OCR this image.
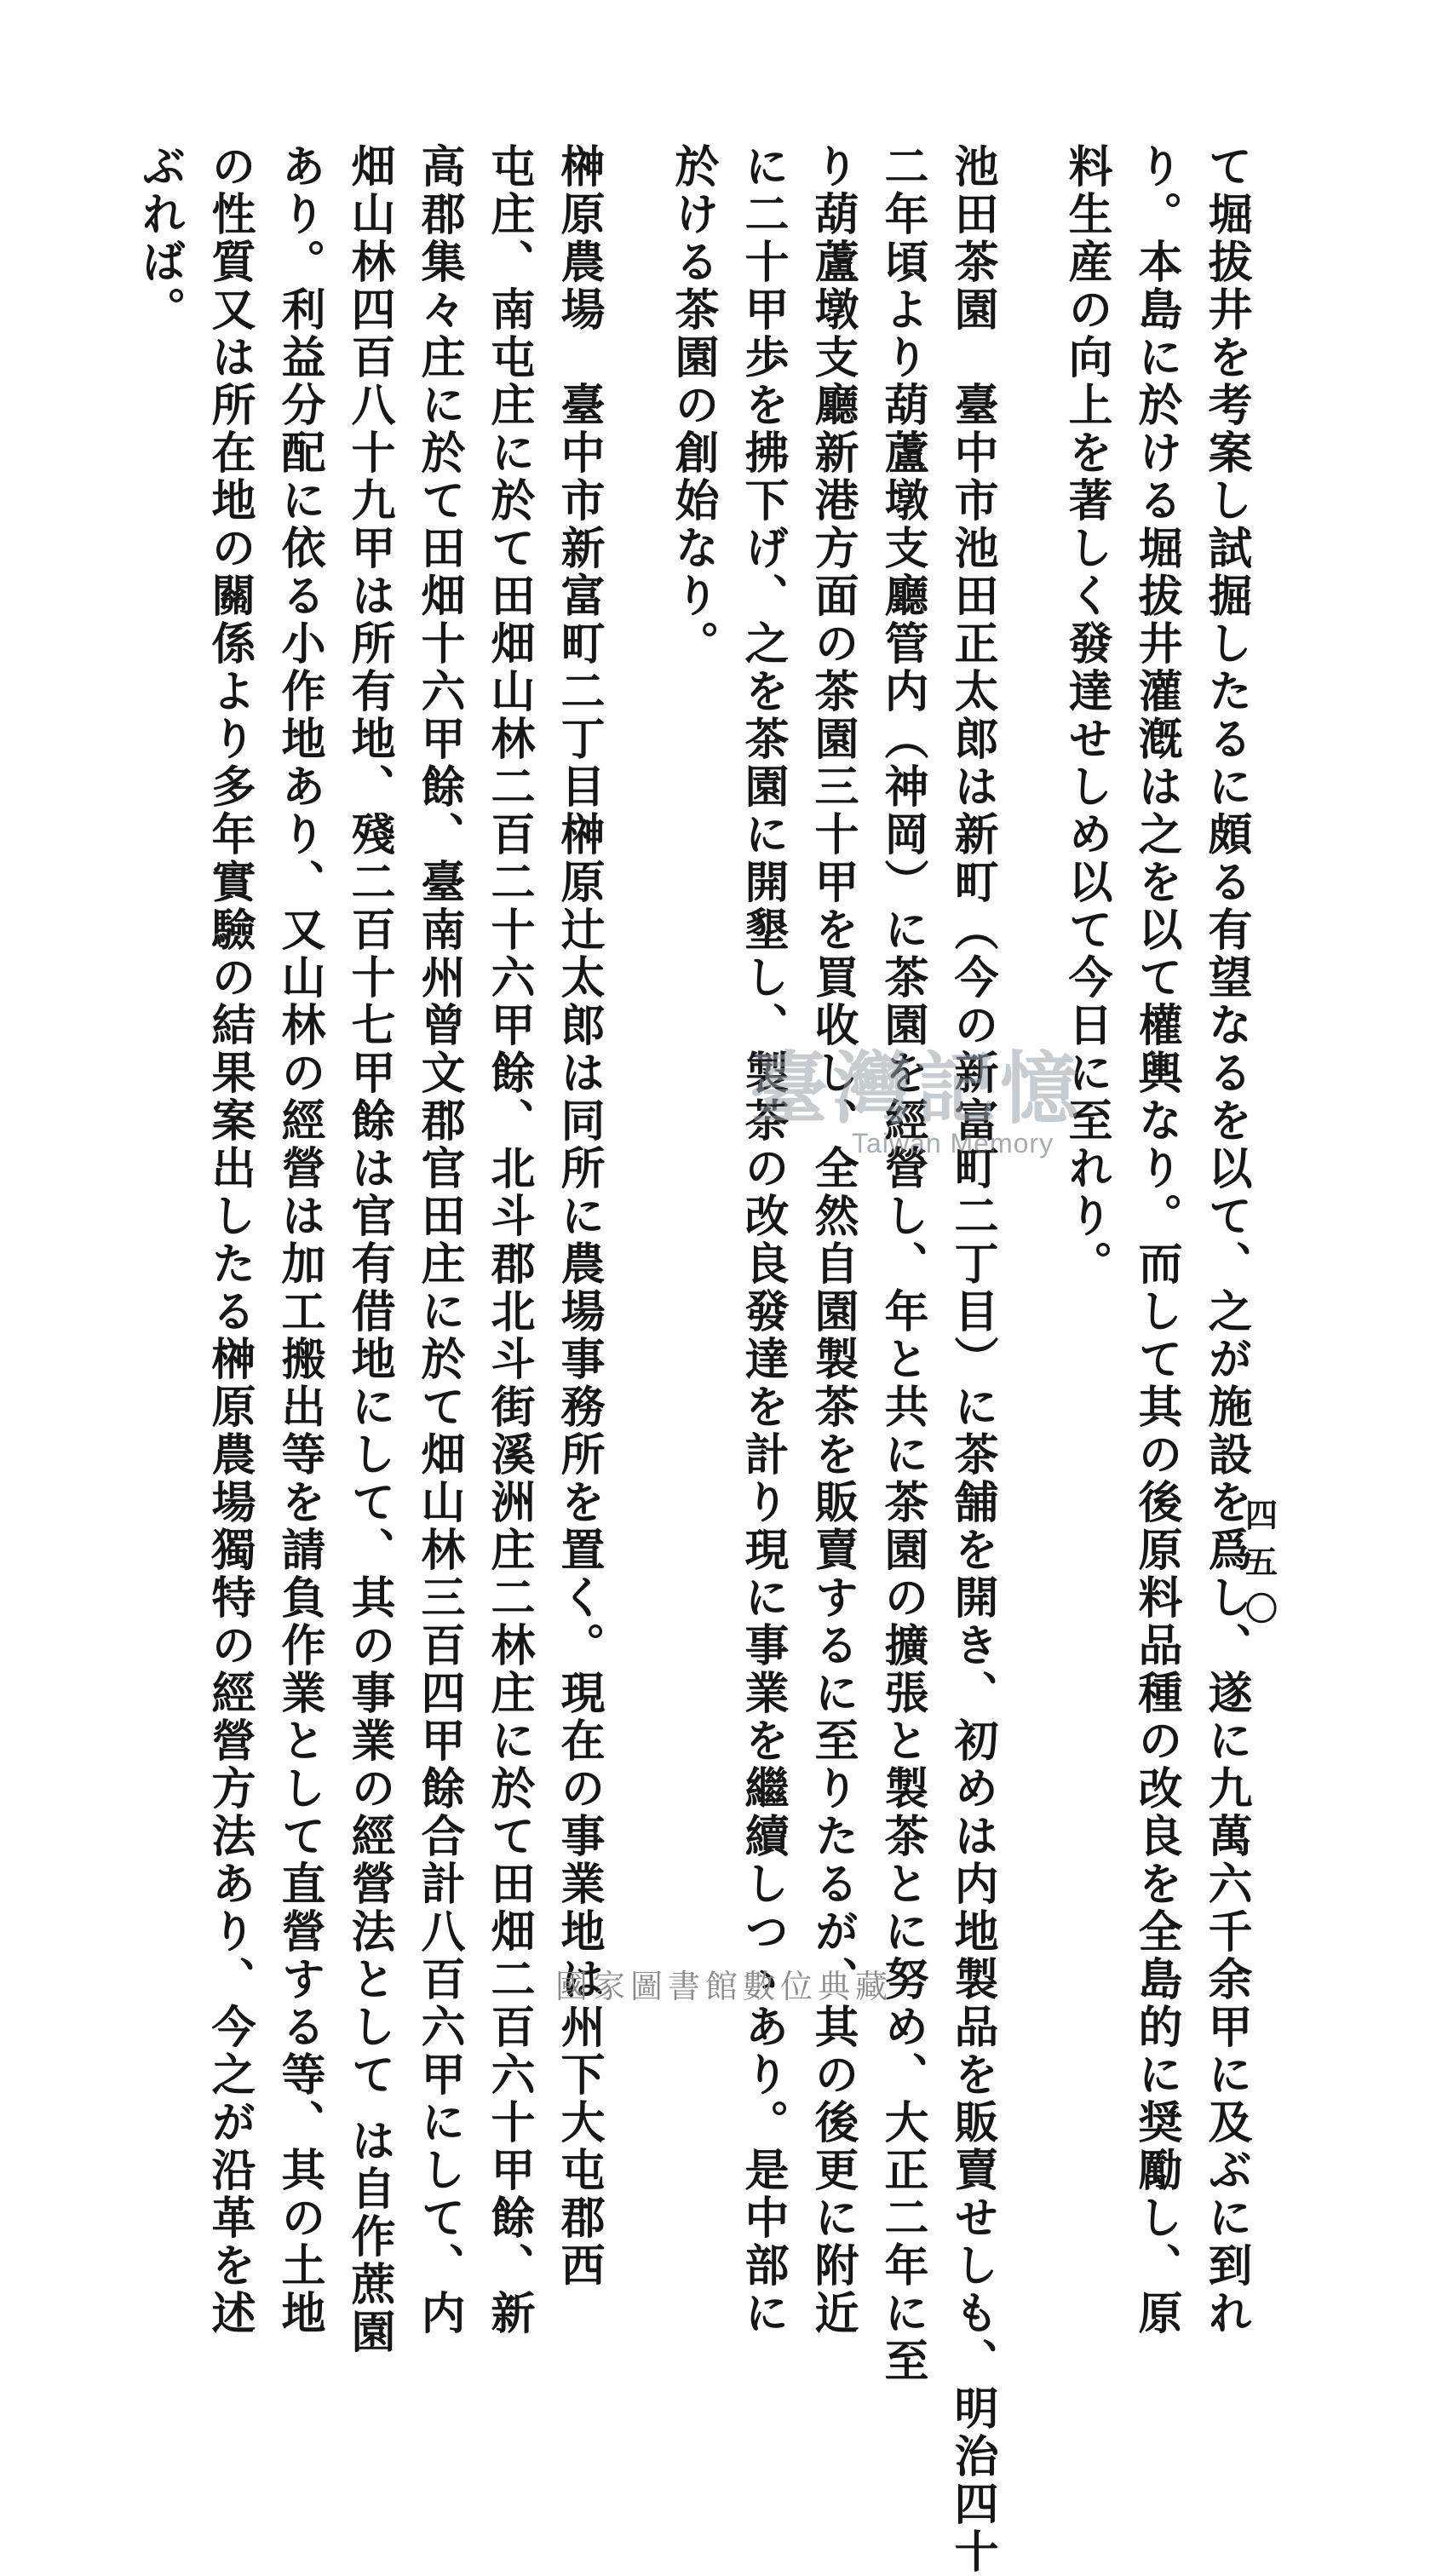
四五〇
て堀拔井を考案し試掘したるに頗る有望なるを以て、之が施設を爲し、遂に九萬六千余甲に及ぶに到れ
り。本島に於ける堀拔井灌漑は之を以て權輿なり。而して其の後原料品種の改良を全島的に奨勵し、原
料生産の向上を著しく發達せしめ以て今日に至れり。
池田茶園　臺中市池田正太郎は新町（今の新富町二丁目）に茶舗を開き、初めは内地製品を販賣せしも、明治四十
二年頃より葫蘆墩支廳管内（神岡）に茶園を經營し、年と共に茶園の擴張と製茶とに努め、大正二年に至
り葫蘆墩支廳新港方面の茶園三十甲を買收し、全然自園製茶を販賣するに至りたるが、其の後更に附近
に二十甲歩を拂下げ、之を茶園に開墾し、製茶の改良發達を計り現に事業を繼續しつゝあり。是中部に
於ける茶園の創始なり。
榊原農場　臺中市新富町二丁目榊原辻太郎は同所に農場事務所を置く。現在の事業地は州下大屯郡西
屯庄、南屯庄に於て田畑山林二百二十六甲餘、北斗郡北斗街溪洲庄二林庄に於て田畑二百六十甲餘、新
高郡集々庄に於て田畑十六甲餘、臺南州曾文郡官田庄に於て畑山林三百四甲餘合計八百六甲にして、内
畑山林四百八十九甲は所有地、殘二百十七甲餘は官有借地にして、其の事業の經營法として は自作蔗園
あり。利益分配に依る小作地あり、又山林の經營は加工搬出等を請負作業として直營する等、其の土地
の性質又は所在地の關係より多年實驗の結果案出したる榊原農場獨特の經營方法あり、今之が沿革を述
ぶれば。
臺灣記憶
Taiwan Memory
國家圖書館數位典藏
